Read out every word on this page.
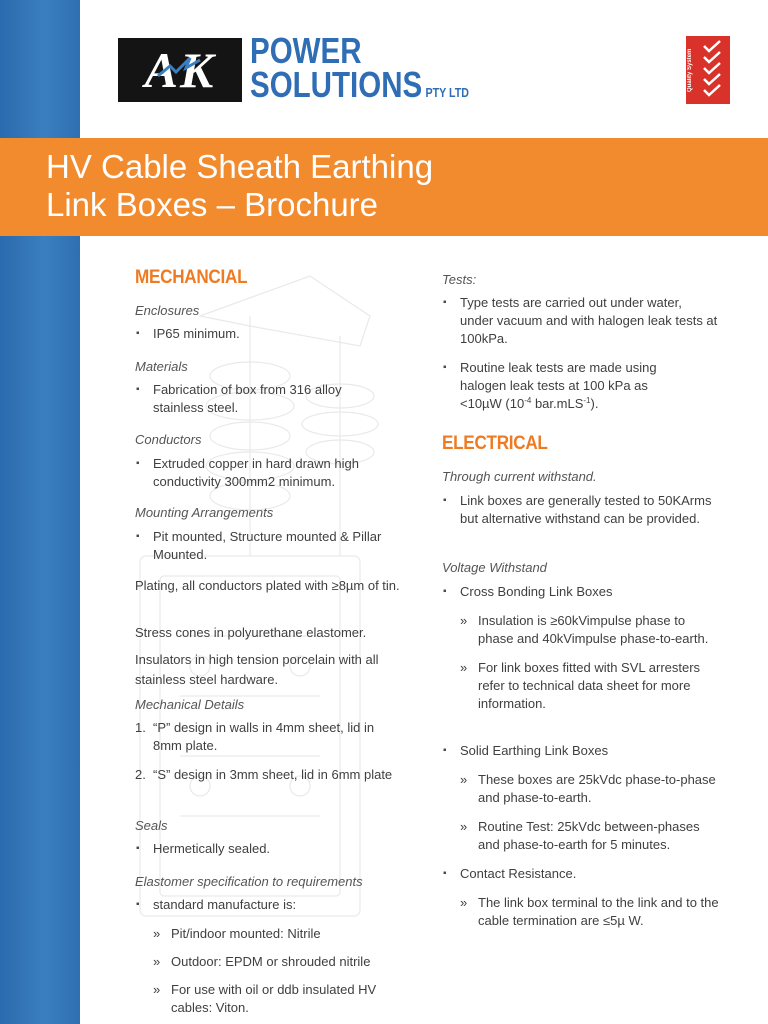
AK POWER
SOLUTIONS PTY LTD
Quality System
HV Cable Sheath Earthing
Link Boxes – Brochure
MECHANCIAL
Enclosures
▪ IP65 minimum.
Materials
▪ Fabrication of box from 316 alloy stainless steel.
Conductors
▪ Extruded copper in hard drawn high conductivity 300mm2 minimum.
Mounting Arrangements
▪ Pit mounted, Structure mounted & Pillar Mounted.

Plating, all conductors plated with ≥8µm of tin.

Stress cones in polyurethane elastomer.

Insulators in high tension porcelain with all stainless steel hardware.

Mechanical Details
1. “P” design in walls in 4mm sheet, lid in 8mm plate.
2. “S” design in 3mm sheet, lid in 6mm plate
Seals
▪ Hermetically sealed.
Elastomer specification to requirements
▪ standard manufacture is:
» Pit/indoor mounted: Nitrile
» Outdoor: EPDM or shrouded nitrile
» For use with oil or ddb insulated HV cables: Viton.
Tests:
▪ Type tests are carried out under water, under vacuum and with halogen leak tests at 100kPa.
▪ Routine leak tests are made using halogen leak tests at 100 kPa as <10µW ($10^{-4}$ bar.mLS$^{-1}$).
ELECTRICAL
Through current withstand.
▪ Link boxes are generally tested to 50KArms but alternative withstand can be provided.
Voltage Withstand
▪ Cross Bonding Link Boxes
» Insulation is ≥60kVimpulse phase to phase and 40kVimpulse phase-to-earth.
» For link boxes fitted with SVL arresters refer to technical data sheet for more information.
▪ Solid Earthing Link Boxes
» These boxes are 25kVdc phase-to-phase and phase-to-earth.
» Routine Test: 25kVdc between-phases and phase-to-earth for 5 minutes.
▪ Contact Resistance.
» The link box terminal to the link and to the cable termination are ≤5µ W.
